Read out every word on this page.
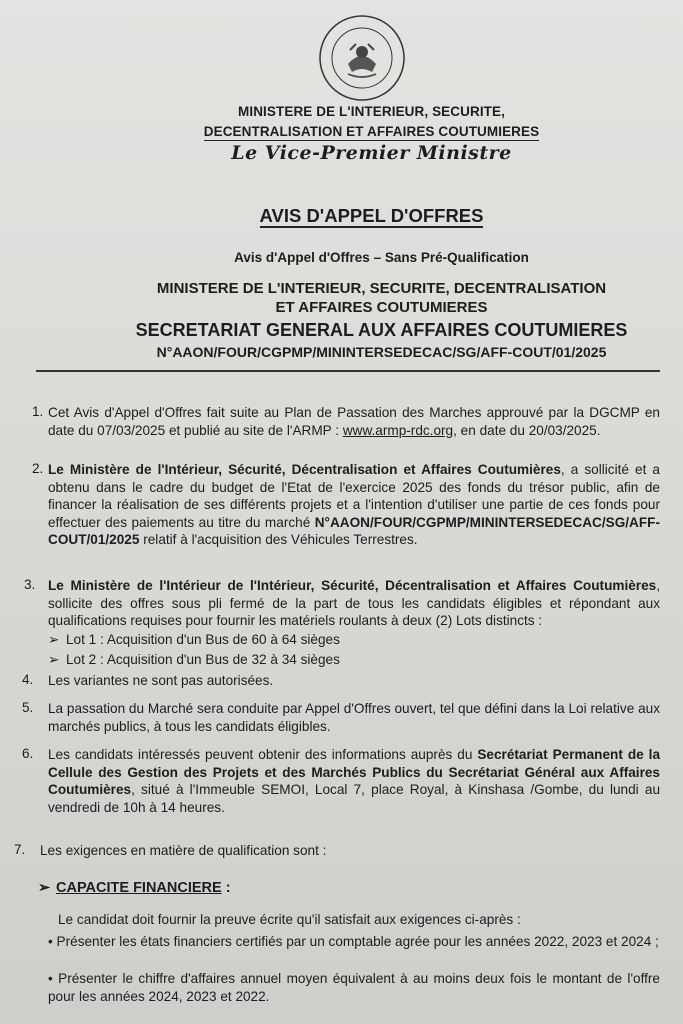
MINISTERE DE L'INTERIEUR, SECURITE,
DECENTRALISATION ET AFFAIRES COUTUMIERES
Le Vice-Premier Ministre
AVIS D'APPEL D'OFFRES
Avis d'Appel d'Offres – Sans Pré-Qualification
MINISTERE DE L'INTERIEUR, SECURITE, DECENTRALISATION
ET AFFAIRES COUTUMIERES
SECRETARIAT GENERAL AUX AFFAIRES COUTUMIERES
N°AAON/FOUR/CGPMP/MININTERSEDECAC/SG/AFF-COUT/01/2025
1. Cet Avis d'Appel d'Offres fait suite au Plan de Passation des Marches approuvé par la DGCMP en date du 07/03/2025 et publié au site de l'ARMP : www.armp-rdc.org, en date du 20/03/2025.
2. Le Ministère de l'Intérieur, Sécurité, Décentralisation et Affaires Coutumières, a sollicité et a obtenu dans le cadre du budget de l'Etat de l'exercice 2025 des fonds du trésor public, afin de financer la réalisation de ses différents projets et a l'intention d'utiliser une partie de ces fonds pour effectuer des paiements au titre du marché N°AAON/FOUR/CGPMP/MININTERSEDECAC/SG/AFF-COUT/01/2025 relatif à l'acquisition des Véhicules Terrestres.
3. Le Ministère de l'Intérieur de l'Intérieur, Sécurité, Décentralisation et Affaires Coutumières, sollicite des offres sous pli fermé de la part de tous les candidats éligibles et répondant aux qualifications requises pour fournir les matériels roulants à deux (2) Lots distincts :
➢ Lot 1 : Acquisition d'un Bus de 60 à 64 sièges
➢ Lot 2 : Acquisition d'un Bus de 32 à 34 sièges
4. Les variantes ne sont pas autorisées.
5. La passation du Marché sera conduite par Appel d'Offres ouvert, tel que défini dans la Loi relative aux marchés publics, à tous les candidats éligibles.
6. Les candidats intéressés peuvent obtenir des informations auprès du Secrétariat Permanent de la Cellule des Gestion des Projets et des Marchés Publics du Secrétariat Général aux Affaires Coutumières, situé à l'Immeuble SEMOI, Local 7, place Royal, à Kinshasa /Gombe, du lundi au vendredi de 10h à 14 heures.
7. Les exigences en matière de qualification sont :
➢ CAPACITE FINANCIERE :
Le candidat doit fournir la preuve écrite qu'il satisfait aux exigences ci-après :
• Présenter les états financiers certifiés par un comptable agrée pour les années 2022, 2023 et 2024 ;
• Présenter le chiffre d'affaires annuel moyen équivalent à au moins deux fois le montant de l'offre pour les années 2024, 2023 et 2022.
